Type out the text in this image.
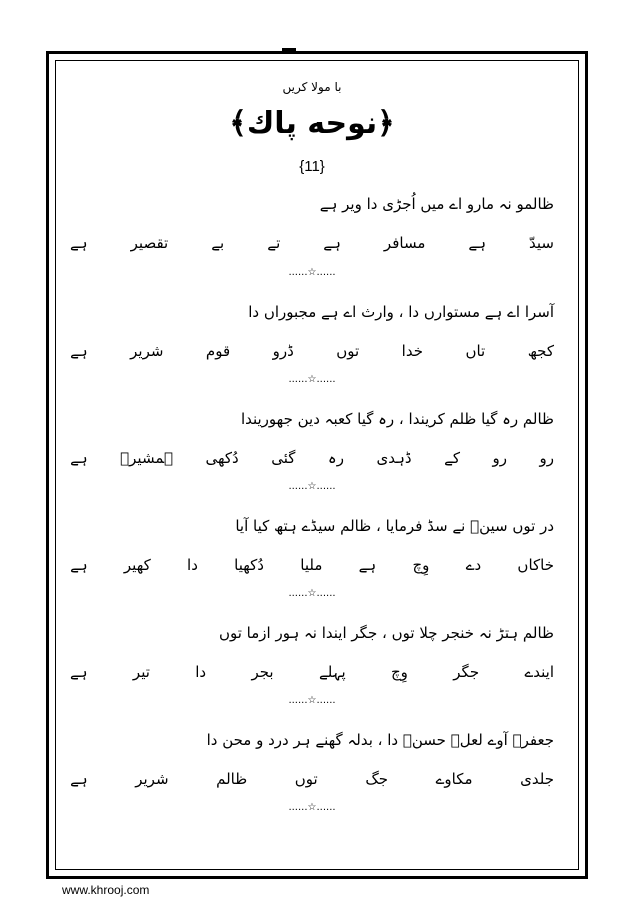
با مولا کریں
﴿نوحه پاك﴾
{11}
ظالمو نہ مارو اے میں اُجڑی دا ویر ہے
سیدّ
ہے
مسافر
ہے
تے
بے
تقصیر
ہے
......☆......
آسرا اے ہے مستوارں دا ، وارث اے ہے مجبوراں دا
کجھ
تاں
خدا
توں
ڈرو
قوم
شریر
ہے
......☆......
ظالم رہ گیا ظلم کریندا ، رہ گیا کعبہ دین جھوریندا
رو
رو
کے
ڈہدی
رہ
گئی
دُکھی
ہمشیرؑ
ہے
......☆......
در توں سینؑ نے سڈ فرمایا ، ظالم سیڈے ہتھ کیا آیا
خاکاں
دے
وِچ
ہے
ملیا
دُکھیا
دا
کھیر
ہے
......☆......
ظالم ہتڑ نہ خنجر چلا توں ، جگر ایندا نہ ہور ازما توں
ایندے
جگر
وِچ
پہلے
بجر
دا
تیر
ہے
......☆......
جعفرؑ آوے لعلؑ حسنؑ دا ، بدلہ گھنے ہر درد و محن دا
جلدی
مکاوے
جگ
توں
ظالم
شریر
ہے
......☆......
www.khrooj.com
